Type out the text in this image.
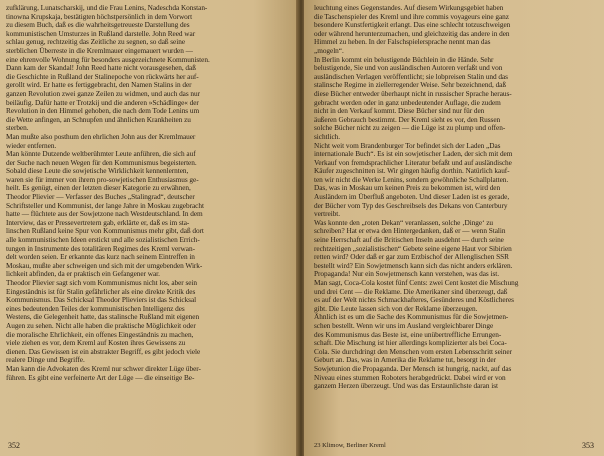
zufklärung, Lunatscharskij, und die Frau Lenins, Nadeschda Konstan-
tinowna Krupskaja, bestätigten höchstpersönlich in dem Vorwort
zu diesem Buch, daß es die wahrheitsgetreueste Darstellung des
kommunistischen Umsturzes in Rußland darstelle. John Reed war
schlau genug, rechtzeitig das Zeitliche zu segnen, so daß seine
sterblichen Überreste in die Kremlmauer eingemauert wurden —
eine ehrenvolle Wohnung für besonders ausgezeichnete Kommunisten.
Dann kam der Skandal! John Reed hatte nicht vorausgesehen, daß
die Geschichte in Rußland der Stalinepoche von rückwärts her auf-
gerollt wird. Er hatte es fertiggebracht, den Namen Stalins in der
ganzen Revolution zwei ganze Zeilen zu widmen, und auch das nur
beiläufig. Dafür hatte er Trotzkij und die anderen »Schädlinge« der
Revolution in den Himmel gehoben, die nach dem Tode Lenins um
die Wette anfingen, an Schnupfen und ähnlichen Krankheiten zu
sterben.
Man mußte also posthum den ehrlichen John aus der Kremlmauer
wieder entfernen.
Man könnte Dutzende weltberühmter Leute anführen, die sich auf
der Suche nach neuen Wegen für den Kommunismus begeisterten.
Sobald diese Leute die sowjetische Wirklichkeit kennenlernten,
waren sie für immer von ihrem pro-sowjetischen Enthusiasmus ge-
heilt. Es genügt, einen der letzten dieser Kategorie zu erwähnen,
Theodor Plievier — Verfasser des Buches „Stalingrad“, deutscher
Schriftsteller und Kommunist, der lange Jahre in Moskau zugebracht
hatte — flüchtete aus der Sowjetzone nach Westdeutschland. In dem
Interview, das er Pressevertretern gab, erklärte er, daß es im sta-
linschen Rußland keine Spur von Kommunismus mehr gibt, daß dort
alle kommunistischen Ideen erstickt und alle sozialistischen Errich-
tungen in Instrumente des totalitären Regimes des Kreml verwan-
delt worden seien. Er erkannte das kurz nach seinem Eintreffen in
Moskau, mußte aber schweigen und sich mit der umgebenden Wirk-
lichkeit abfinden, da er praktisch ein Gefangener war.
Theodor Plievier sagt sich vom Kommunismus nicht los, aber sein
Eingeständnis ist für Stalin gefährlicher als eine direkte Kritik des
Kommunismus. Das Schicksal Theodor Plieviers ist das Schicksal
eines bedeutenden Teiles der kommunistischen Intelligenz des
Westens, die Gelegenheit hatte, das stalinsche Rußland mit eigenen
Augen zu sehen. Nicht alle haben die praktische Möglichkeit oder
die moralische Ehrlichkeit, ein offenes Eingeständnis zu machen,
viele ziehen es vor, dem Kreml auf Kosten ihres Gewissens zu
dienen. Das Gewissen ist ein abstrakter Begriff, es gibt jedoch viele
realere Dinge und Begriffe.
Man kann die Advokaten des Kreml nur schwer direkter Lüge über-
führen. Es gibt eine verfeinerte Art der Lüge — die einseitige Be-
352
leuchtung eines Gegenstandes. Auf diesem Wirkungsgebiet haben
die Taschenspieler des Kreml und ihre commis voyageurs eine ganz
besondere Kunstfertigkeit erlangt. Das eine schlecht totzuschweigen
oder während herunterzumachen, und gleichzeitig das andere in den
Himmel zu heben. In der Falschspielersprache nennt man das
„mogeln“.
In Berlin kommt ein belustigende Büchlein in die Hände. Sehr
belustigende, Sie und von ausländischen Autoren verfaßt und von
ausländischen Verlagen veröffentlicht; sie lobpreisen Stalin und das
stalinsche Regime in ziellerregender Weise. Sehr bezeichnend, daß
diese Bücher entweder überhaupt nicht in russischer Sprache heraus-
gebracht werden oder in ganz unbedeutender Auflage, die zudem
nicht in den Verkauf kommt. Diese Bücher sind nur für den
äußeren Gebrauch bestimmt. Der Kreml sieht es vor, den Russen
solche Bücher nicht zu zeigen — die Lüge ist zu plump und offen-
sichtlich.
Nicht weit vom Brandenburger Tor befindet sich der Laden „Das
internationale Buch“. Es ist ein sowjetischer Laden, der sich mit dem
Verkauf von fremdsprachlicher Literatur befaßt und auf ausländische
Käufer zugeschnitten ist. Wir gingen häufig dorthin. Natürlich kauf-
ten wir nicht die Werke Lenins, sondern gewöhnliche Schallplatten.
Das, was in Moskau um keinen Preis zu bekommen ist, wird den
Ausländern im Überfluß angeboten. Und dieser Laden ist es gerade,
der Bücher vom Typ des Geschreibsels des Dekans von Canterbury
vertreibt.
Was konnte den „roten Dekan“ veranlassen, solche ‚Dinge‘ zu
schreiben? Hat er etwa den Hintergedanken, daß er — wenn Stalin
seine Herrschaft auf die Britischen Inseln ausdehnt — durch seine
rechtzeitigen „sozialistischen“ Gebete seine eigene Haut vor Sibirien
retten wird? Oder daß er gar zum Erzbischof der Allenglischen SSR
bestellt wird? Ein Sowjetmensch kann sich das nicht anders erklären.
Propaganda! Nur ein Sowjetmensch kann verstehen, was das ist.
Man sagt, Coca-Cola kostet fünf Cents: zwei Cent kostet die Mischung
und drei Cent — die Reklame. Die Amerikaner sind überzeugt, daß
es auf der Welt nichts Schmackhafteres, Gesünderes und Köstlicheres
gibt. Die Leute lassen sich von der Reklame überzeugen.
Ähnlich ist es um die Sache des Kommunismus für die Sowjetmen-
schen bestellt. Wenn wir uns im Ausland vergleichbarer Dinge
des Kommunismus das Beste ist, eine unübertreffliche Errungen-
schaft. Die Mischung ist hier allerdings komplizierter als bei Coca-
Cola. Sie durchdringt den Menschen vom ersten Lebensschritt seiner
Geburt an. Das, was in Amerika die Reklame tut, besorgt in der
Sowjetunion die Propaganda. Der Mensch ist hungrig, nackt, auf das
Niveau eines stummen Roboters herabgedrückt. Dabei wird er von
ganzem Herzen überzeugt. Und was das Erstaunlichste daran ist
23 Klimow, Berliner Kreml	353
